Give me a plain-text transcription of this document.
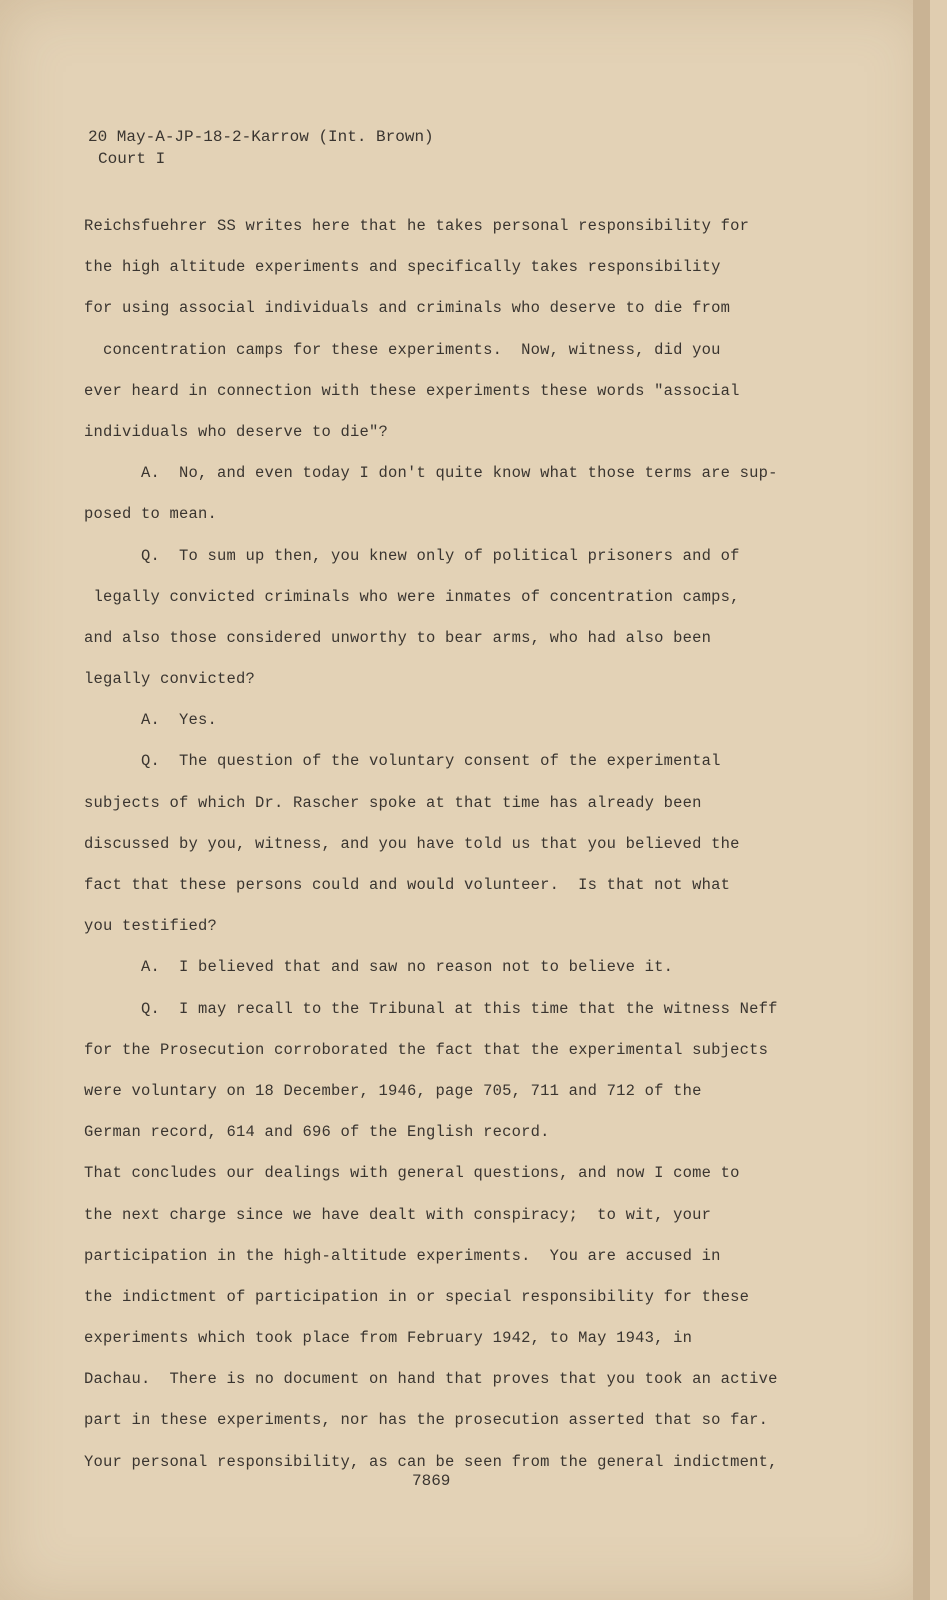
20 May-A-JP-18-2-Karrow (Int. Brown)
Court I
Reichsfuehrer SS writes here that he takes personal responsibility for
the high altitude experiments and specifically takes responsibility
for using associal individuals and criminals who deserve to die from
concentration camps for these experiments.  Now, witness, did you
ever heard in connection with these experiments these words "associal
individuals who deserve to die"?
A.  No, and even today I don't quite know what those terms are sup-
posed to mean.
Q.  To sum up then, you knew only of political prisoners and of
legally convicted criminals who were inmates of concentration camps,
and also those considered unworthy to bear arms, who had also been
legally convicted?
A.  Yes.
Q.  The question of the voluntary consent of the experimental
subjects of which Dr. Rascher spoke at that time has already been
discussed by you, witness, and you have told us that you believed the
fact that these persons could and would volunteer.  Is that not what
you testified?
A.  I believed that and saw no reason not to believe it.
Q.  I may recall to the Tribunal at this time that the witness Neff
for the Prosecution corroborated the fact that the experimental subjects
were voluntary on 18 December, 1946, page 705, 711 and 712 of the
German record, 614 and 696 of the English record.
That concludes our dealings with general questions, and now I come to
the next charge since we have dealt with conspiracy;  to wit, your
participation in the high-altitude experiments.  You are accused in
the indictment of participation in or special responsibility for these
experiments which took place from February 1942, to May 1943, in
Dachau.  There is no document on hand that proves that you took an active
part in these experiments, nor has the prosecution asserted that so far.
Your personal responsibility, as can be seen from the general indictment,
7869
